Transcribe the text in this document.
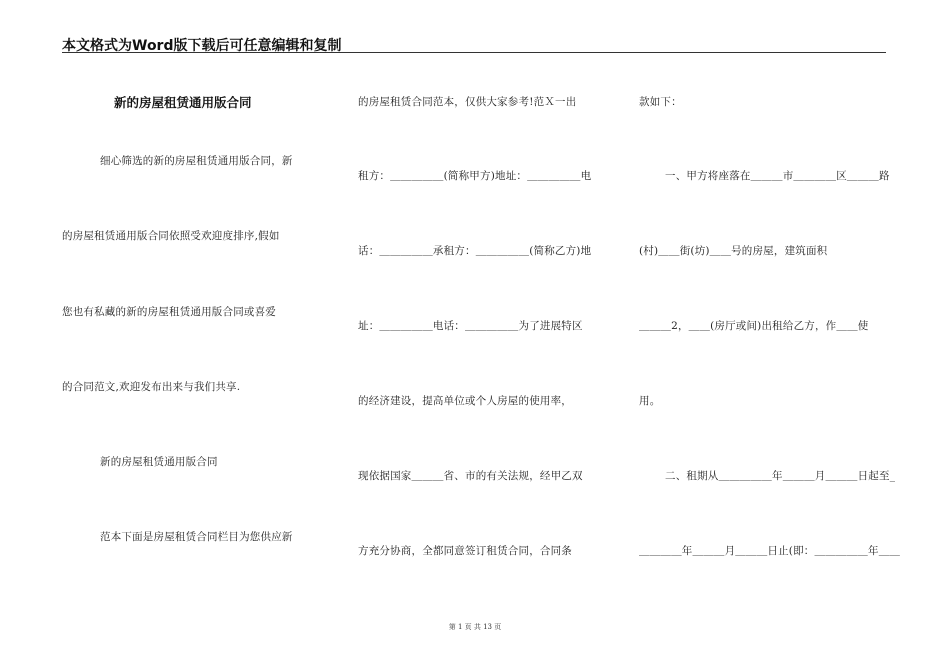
本文格式为Word版下载后可任意编辑和复制
新的房屋租赁通用版合同
细心筛选的新的房屋租赁通用版合同，新
的房屋租赁通用版合同依照受欢迎度排序,假如
您也有私藏的新的房屋租赁通用版合同或喜爱
的合同范文,欢迎发布出来与我们共享.
新的房屋租赁通用版合同
范本下面是房屋租赁合同栏目为您供应新
的房屋租赁合同范本，仅供大家参考!范Ｘ一出
租方：＿＿＿＿＿(简称甲方)地址：＿＿＿＿＿电
话：＿＿＿＿＿承租方：＿＿＿＿＿(简称乙方)地
址：＿＿＿＿＿电话：＿＿＿＿＿为了进展特区
的经济建设，提高单位或个人房屋的使用率，
现依据国家＿＿＿省、市的有关法规，经甲乙双
方充分协商，全都同意签订租赁合同，合同条
款如下：
一、甲方将座落在＿＿＿市＿＿＿＿区＿＿＿路
(村)＿＿街(坊)＿＿号的房屋，建筑面积
＿＿＿2，＿＿(房厅或间)出租给乙方，作＿＿使
用。
二、租期从＿＿＿＿＿年＿＿＿月＿＿＿日起至_
＿＿＿＿年＿＿＿月＿＿＿日止(即：＿＿＿＿＿年＿＿
第 1 页 共 13 页
